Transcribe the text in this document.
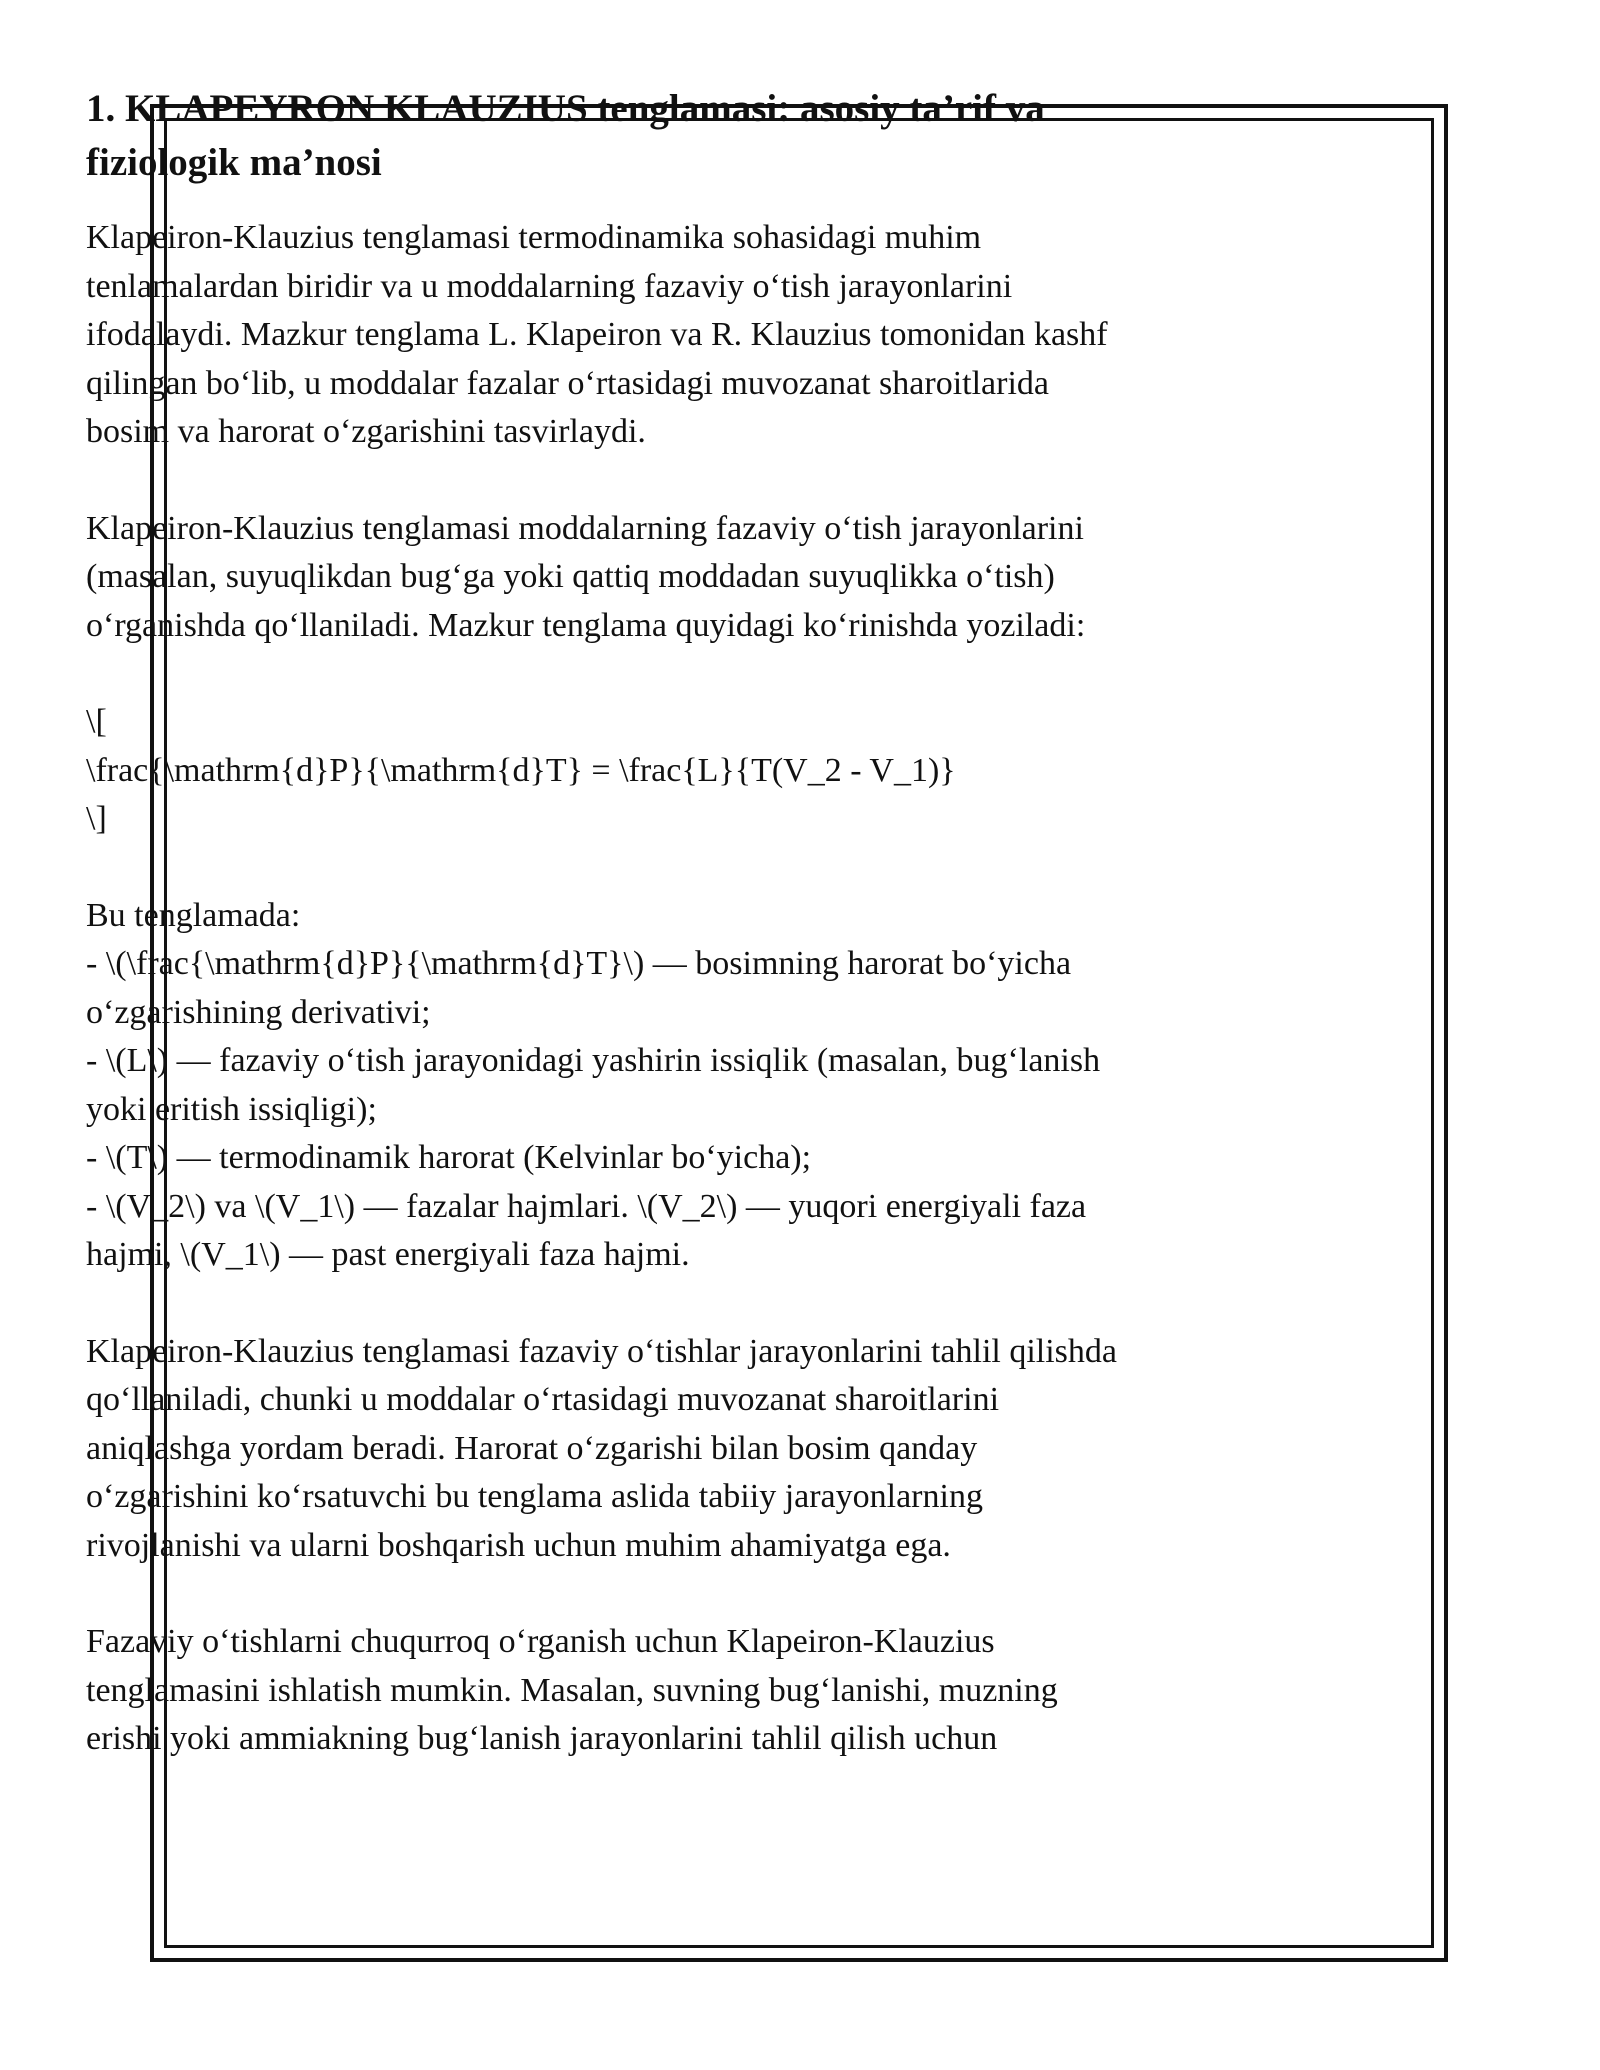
1. KLAPEYRON KLAUZIUS tenglamasi: asosiy ta’rif va
fiziologik ma’nosi

Klapeiron-Klauzius tenglamasi termodinamika sohasidagi muhim
tenlamalardan biridir va u moddalarning fazaviy o‘tish jarayonlarini
ifodalaydi. Mazkur tenglama L. Klapeiron va R. Klauzius tomonidan kashf
qilingan bo‘lib, u moddalar fazalar o‘rtasidagi muvozanat sharoitlarida
bosim va harorat o‘zgarishini tasvirlaydi.

Klapeiron-Klauzius tenglamasi moddalarning fazaviy o‘tish jarayonlarini
(masalan, suyuqlikdan bug‘ga yoki qattiq moddadan suyuqlikka o‘tish)
o‘rganishda qo‘llaniladi. Mazkur tenglama quyidagi ko‘rinishda yoziladi:

\[
\frac{\mathrm{d}P}{\mathrm{d}T} = \frac{L}{T(V_2 - V_1)}
\]

Bu tenglamada:
- \(\frac{\mathrm{d}P}{\mathrm{d}T}\) — bosimning harorat bo‘yicha
o‘zgarishining derivativi;
- \(L\) — fazaviy o‘tish jarayonidagi yashirin issiqlik (masalan, bug‘lanish
yoki eritish issiqligi);
- \(T\) — termodinamik harorat (Kelvinlar bo‘yicha);
- \(V_2\) va \(V_1\) — fazalar hajmlari. \(V_2\) — yuqori energiyali faza
hajmi, \(V_1\) — past energiyali faza hajmi.

Klapeiron-Klauzius tenglamasi fazaviy o‘tishlar jarayonlarini tahlil qilishda
qo‘llaniladi, chunki u moddalar o‘rtasidagi muvozanat sharoitlarini
aniqlashga yordam beradi. Harorat o‘zgarishi bilan bosim qanday
o‘zgarishini ko‘rsatuvchi bu tenglama aslida tabiiy jarayonlarning
rivojlanishi va ularni boshqarish uchun muhim ahamiyatga ega.

Fazaviy o‘tishlarni chuqurroq o‘rganish uchun Klapeiron-Klauzius
tenglamasini ishlatish mumkin. Masalan, suvning bug‘lanishi, muzning
erishi yoki ammiakning bug‘lanish jarayonlarini tahlil qilish uchun
